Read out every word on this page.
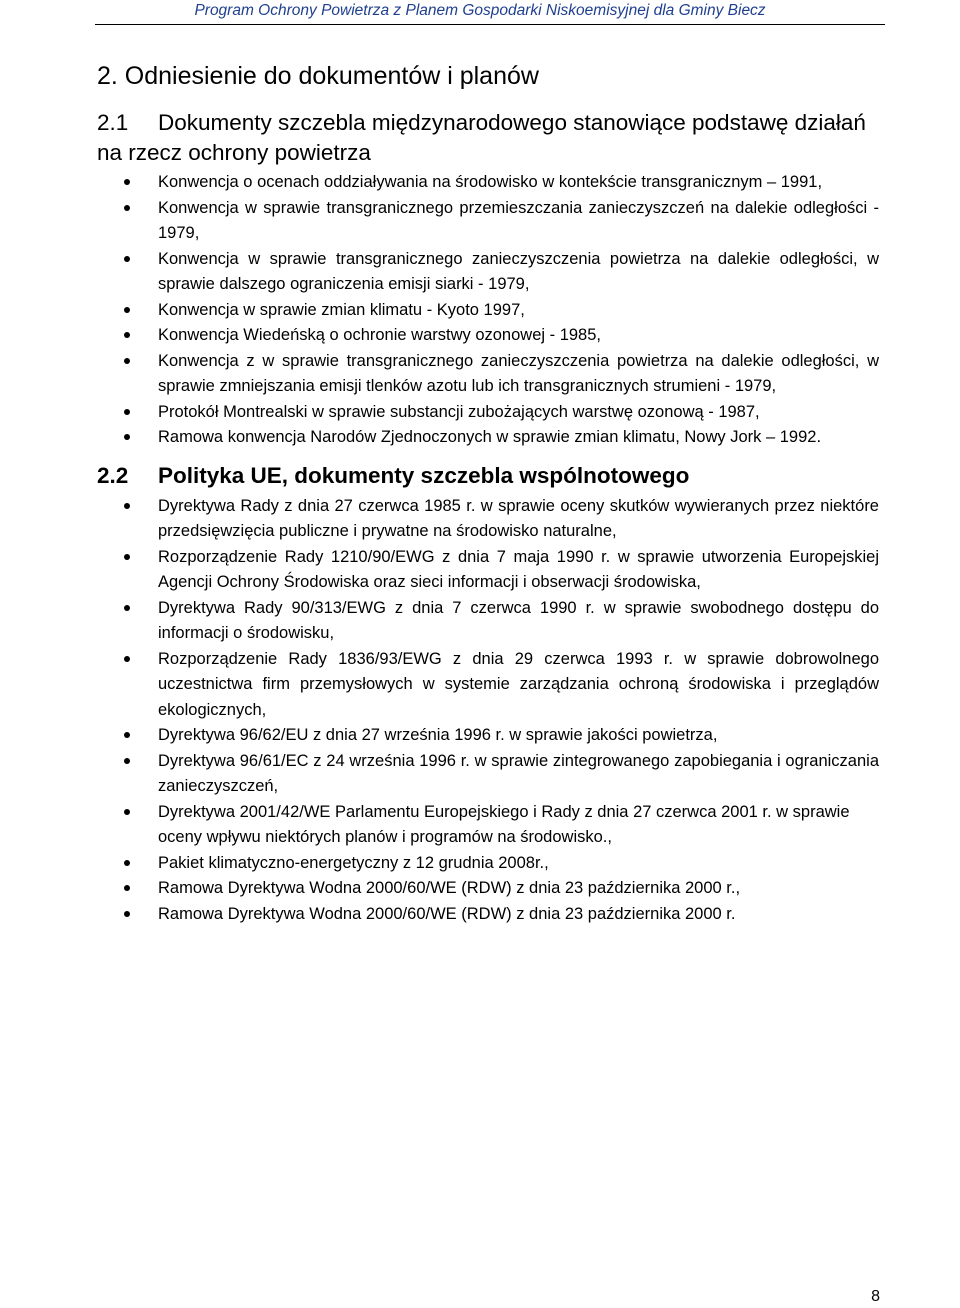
Program Ochrony Powietrza z Planem Gospodarki Niskoemisyjnej dla Gminy Biecz
2. Odniesienie do dokumentów i planów
2.1 Dokumenty szczebla międzynarodowego stanowiące podstawę działań na rzecz ochrony powietrza
Konwencja o ocenach oddziaływania na środowisko w kontekście transgranicznym – 1991,
Konwencja w sprawie transgranicznego przemieszczania zanieczyszczeń na dalekie odległości - 1979,
Konwencja w sprawie transgranicznego zanieczyszczenia powietrza na dalekie odległości, w sprawie dalszego ograniczenia emisji siarki - 1979,
Konwencja w sprawie zmian klimatu - Kyoto 1997,
Konwencja Wiedeńską o ochronie warstwy ozonowej - 1985,
Konwencja z w sprawie transgranicznego zanieczyszczenia powietrza na dalekie odległości, w sprawie zmniejszania emisji tlenków azotu lub ich transgranicznych strumieni - 1979,
Protokół Montrealski w sprawie substancji zubożających warstwę ozonową - 1987,
Ramowa konwencja Narodów Zjednoczonych w sprawie zmian klimatu, Nowy Jork – 1992.
2.2 Polityka UE, dokumenty szczebla wspólnotowego
Dyrektywa Rady z dnia 27 czerwca 1985 r. w sprawie oceny skutków wywieranych przez niektóre przedsięwzięcia publiczne i prywatne na środowisko naturalne,
Rozporządzenie Rady 1210/90/EWG z dnia 7 maja 1990 r. w sprawie utworzenia Europejskiej Agencji Ochrony Środowiska oraz sieci informacji i obserwacji środowiska,
Dyrektywa Rady 90/313/EWG z dnia 7 czerwca 1990 r. w sprawie swobodnego dostępu do informacji o środowisku,
Rozporządzenie Rady 1836/93/EWG z dnia 29 czerwca 1993 r. w sprawie dobrowolnego uczestnictwa firm przemysłowych w systemie zarządzania ochroną środowiska i przeglądów ekologicznych,
Dyrektywa 96/62/EU z dnia 27 września 1996 r. w sprawie jakości powietrza,
Dyrektywa 96/61/EC z 24 września 1996 r. w sprawie zintegrowanego zapobiegania i ograniczania zanieczyszczeń,
Dyrektywa 2001/42/WE Parlamentu Europejskiego i Rady z dnia 27 czerwca 2001 r. w sprawie oceny wpływu niektórych planów i programów na środowisko.,
Pakiet klimatyczno-energetyczny z 12 grudnia 2008r.,
Ramowa Dyrektywa Wodna 2000/60/WE (RDW) z dnia 23 października 2000 r.,
Ramowa Dyrektywa Wodna 2000/60/WE (RDW) z dnia 23 października 2000 r.
8
